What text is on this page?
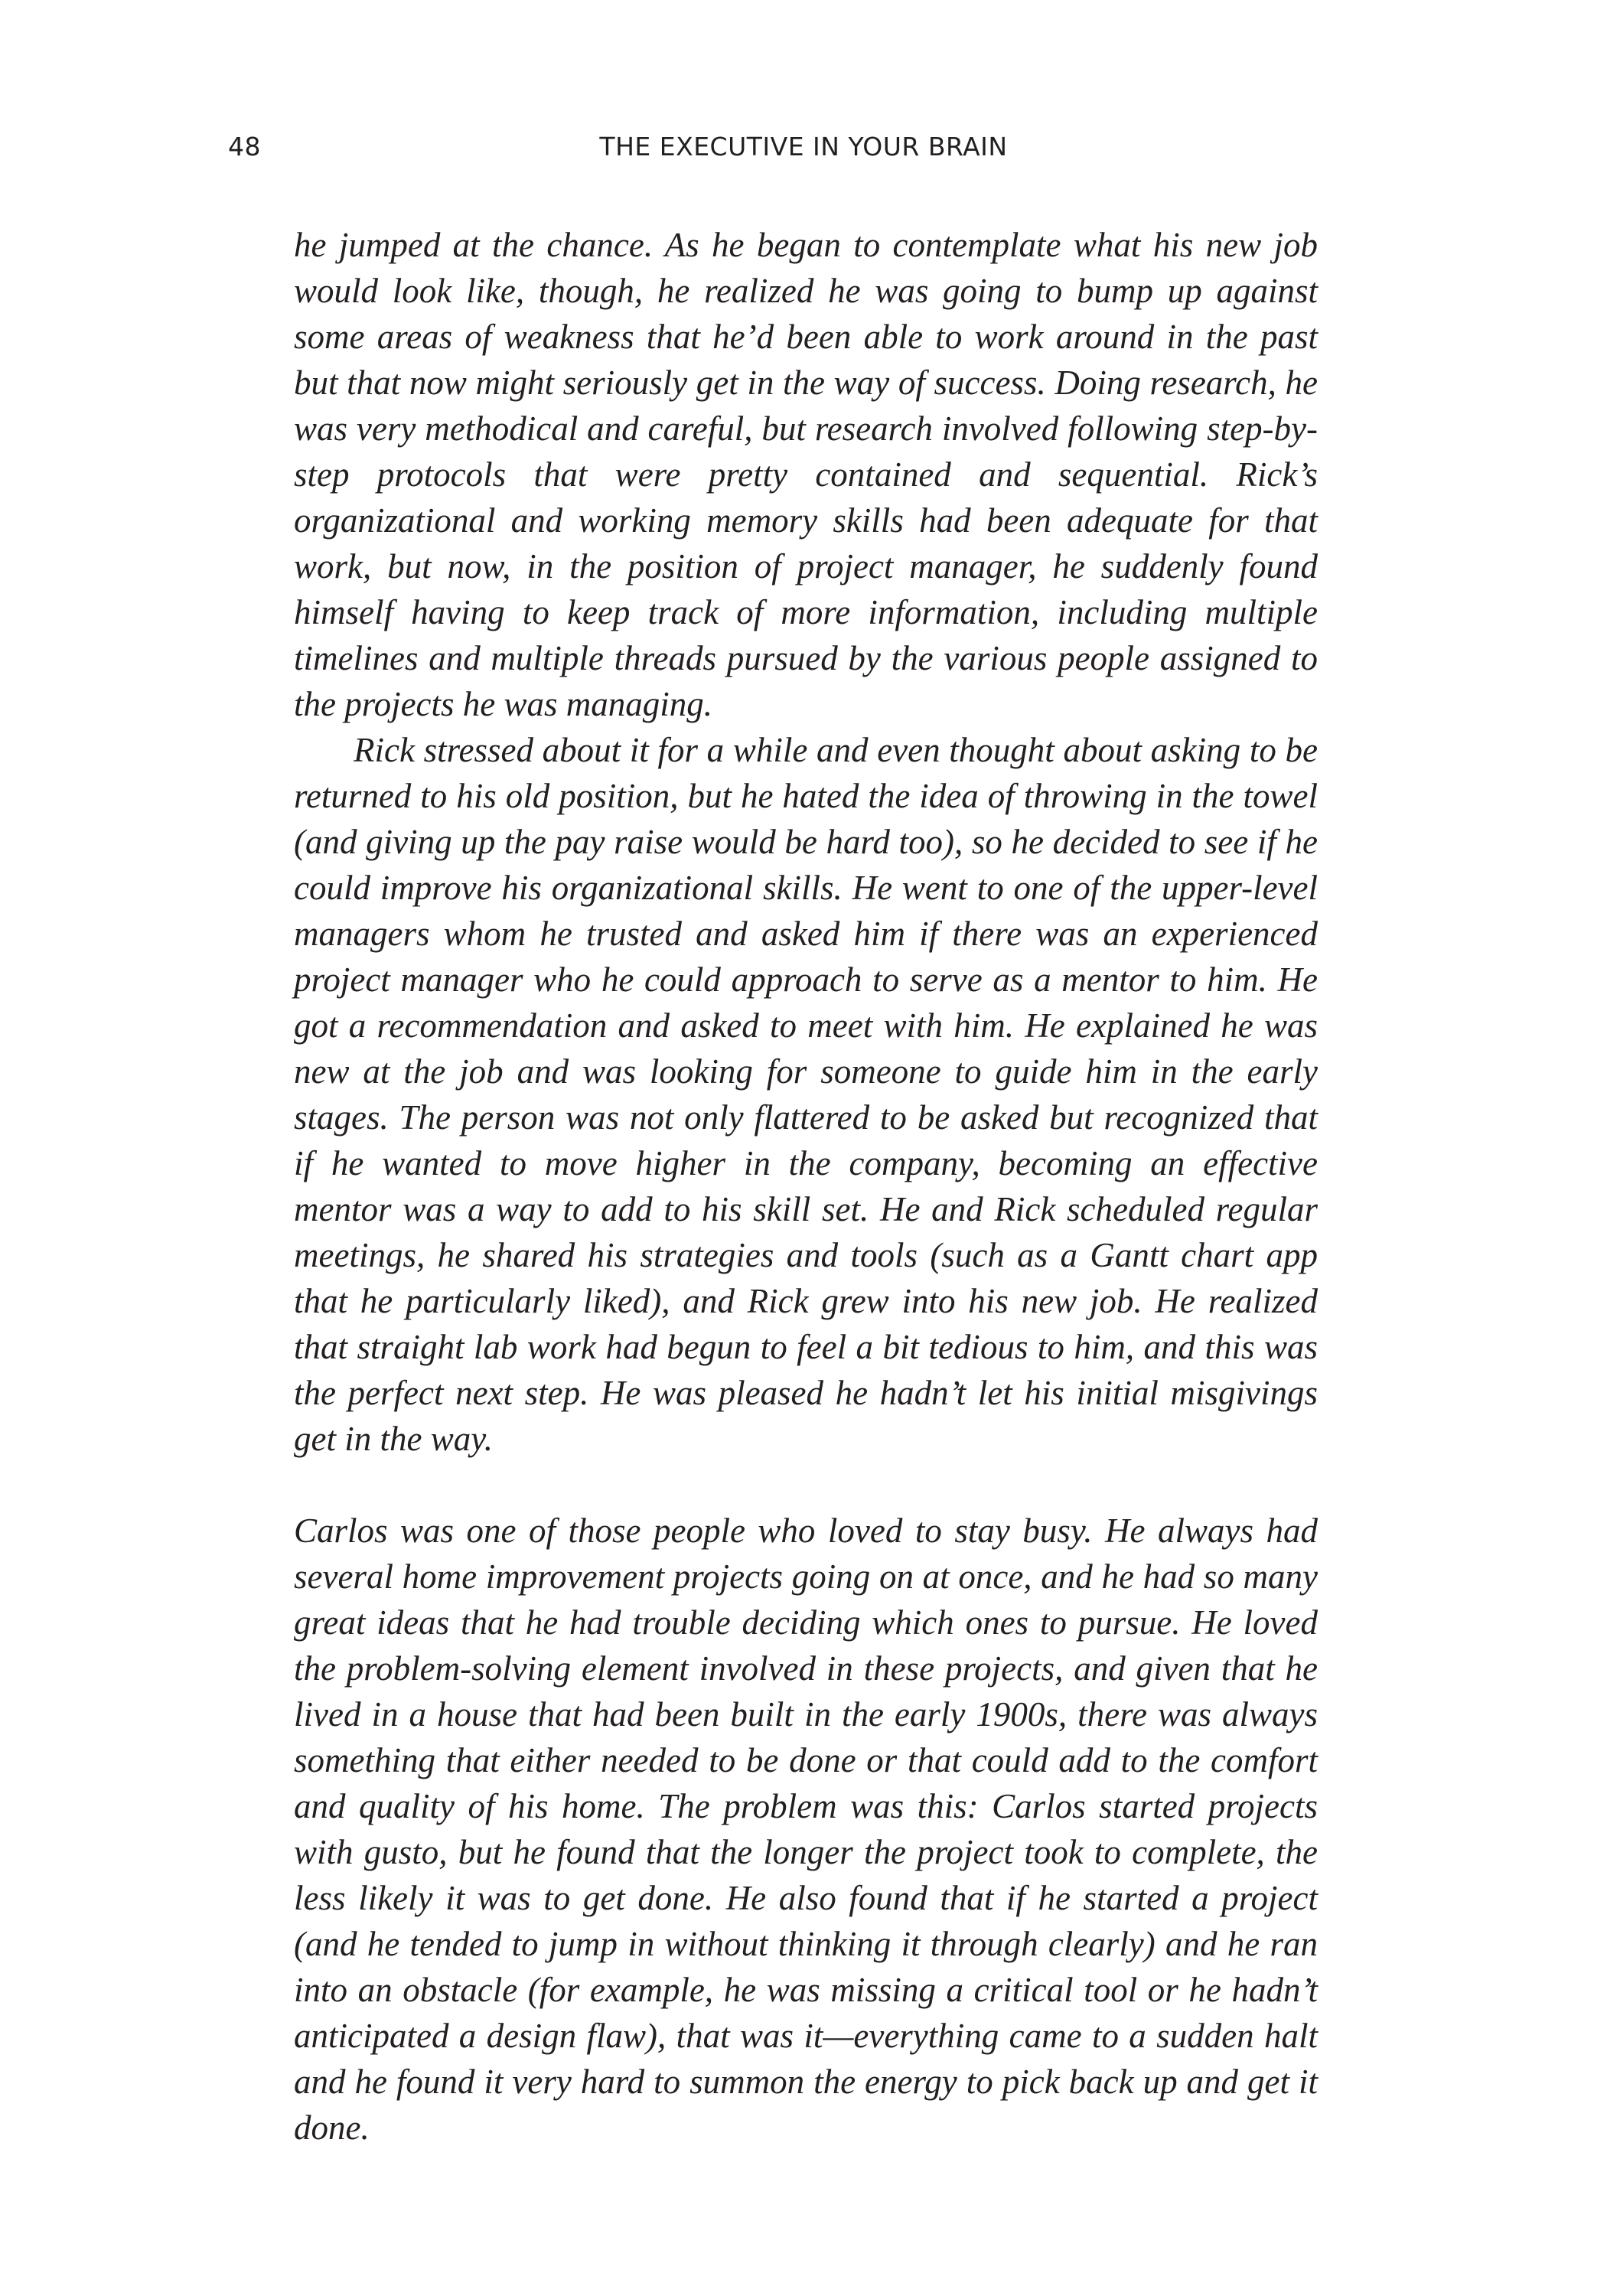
48	THE EXECUTIVE IN YOUR BRAIN

he jumped at the chance. As he began to contemplate what his new job would look like, though, he realized he was going to bump up against some areas of weakness that he’d been able to work around in the past but that now might seriously get in the way of success. Doing research, he was very methodical and careful, but research involved following step-by-step protocols that were pretty contained and sequential. Rick’s organizational and working memory skills had been adequate for that work, but now, in the position of project manager, he suddenly found himself having to keep track of more information, including multiple timelines and multiple threads pursued by the various people assigned to the projects he was managing.

Rick stressed about it for a while and even thought about asking to be returned to his old position, but he hated the idea of throwing in the towel (and giving up the pay raise would be hard too), so he decided to see if he could improve his organizational skills. He went to one of the upper-level managers whom he trusted and asked him if there was an experienced project manager who he could approach to serve as a mentor to him. He got a recommendation and asked to meet with him. He explained he was new at the job and was looking for someone to guide him in the early stages. The person was not only flattered to be asked but recognized that if he wanted to move higher in the company, becoming an effective mentor was a way to add to his skill set. He and Rick scheduled regular meetings, he shared his strategies and tools (such as a Gantt chart app that he particularly liked), and Rick grew into his new job. He realized that straight lab work had begun to feel a bit tedious to him, and this was the perfect next step. He was pleased he hadn’t let his initial misgivings get in the way.

Carlos was one of those people who loved to stay busy. He always had several home improvement projects going on at once, and he had so many great ideas that he had trouble deciding which ones to pursue. He loved the problem-solving element involved in these projects, and given that he lived in a house that had been built in the early 1900s, there was always something that either needed to be done or that could add to the comfort and quality of his home. The problem was this: Carlos started projects with gusto, but he found that the longer the project took to complete, the less likely it was to get done. He also found that if he started a project (and he tended to jump in without thinking it through clearly) and he ran into an obstacle (for example, he was missing a critical tool or he hadn’t anticipated a design flaw), that was it—everything came to a sudden halt and he found it very hard to summon the energy to pick back up and get it done.
